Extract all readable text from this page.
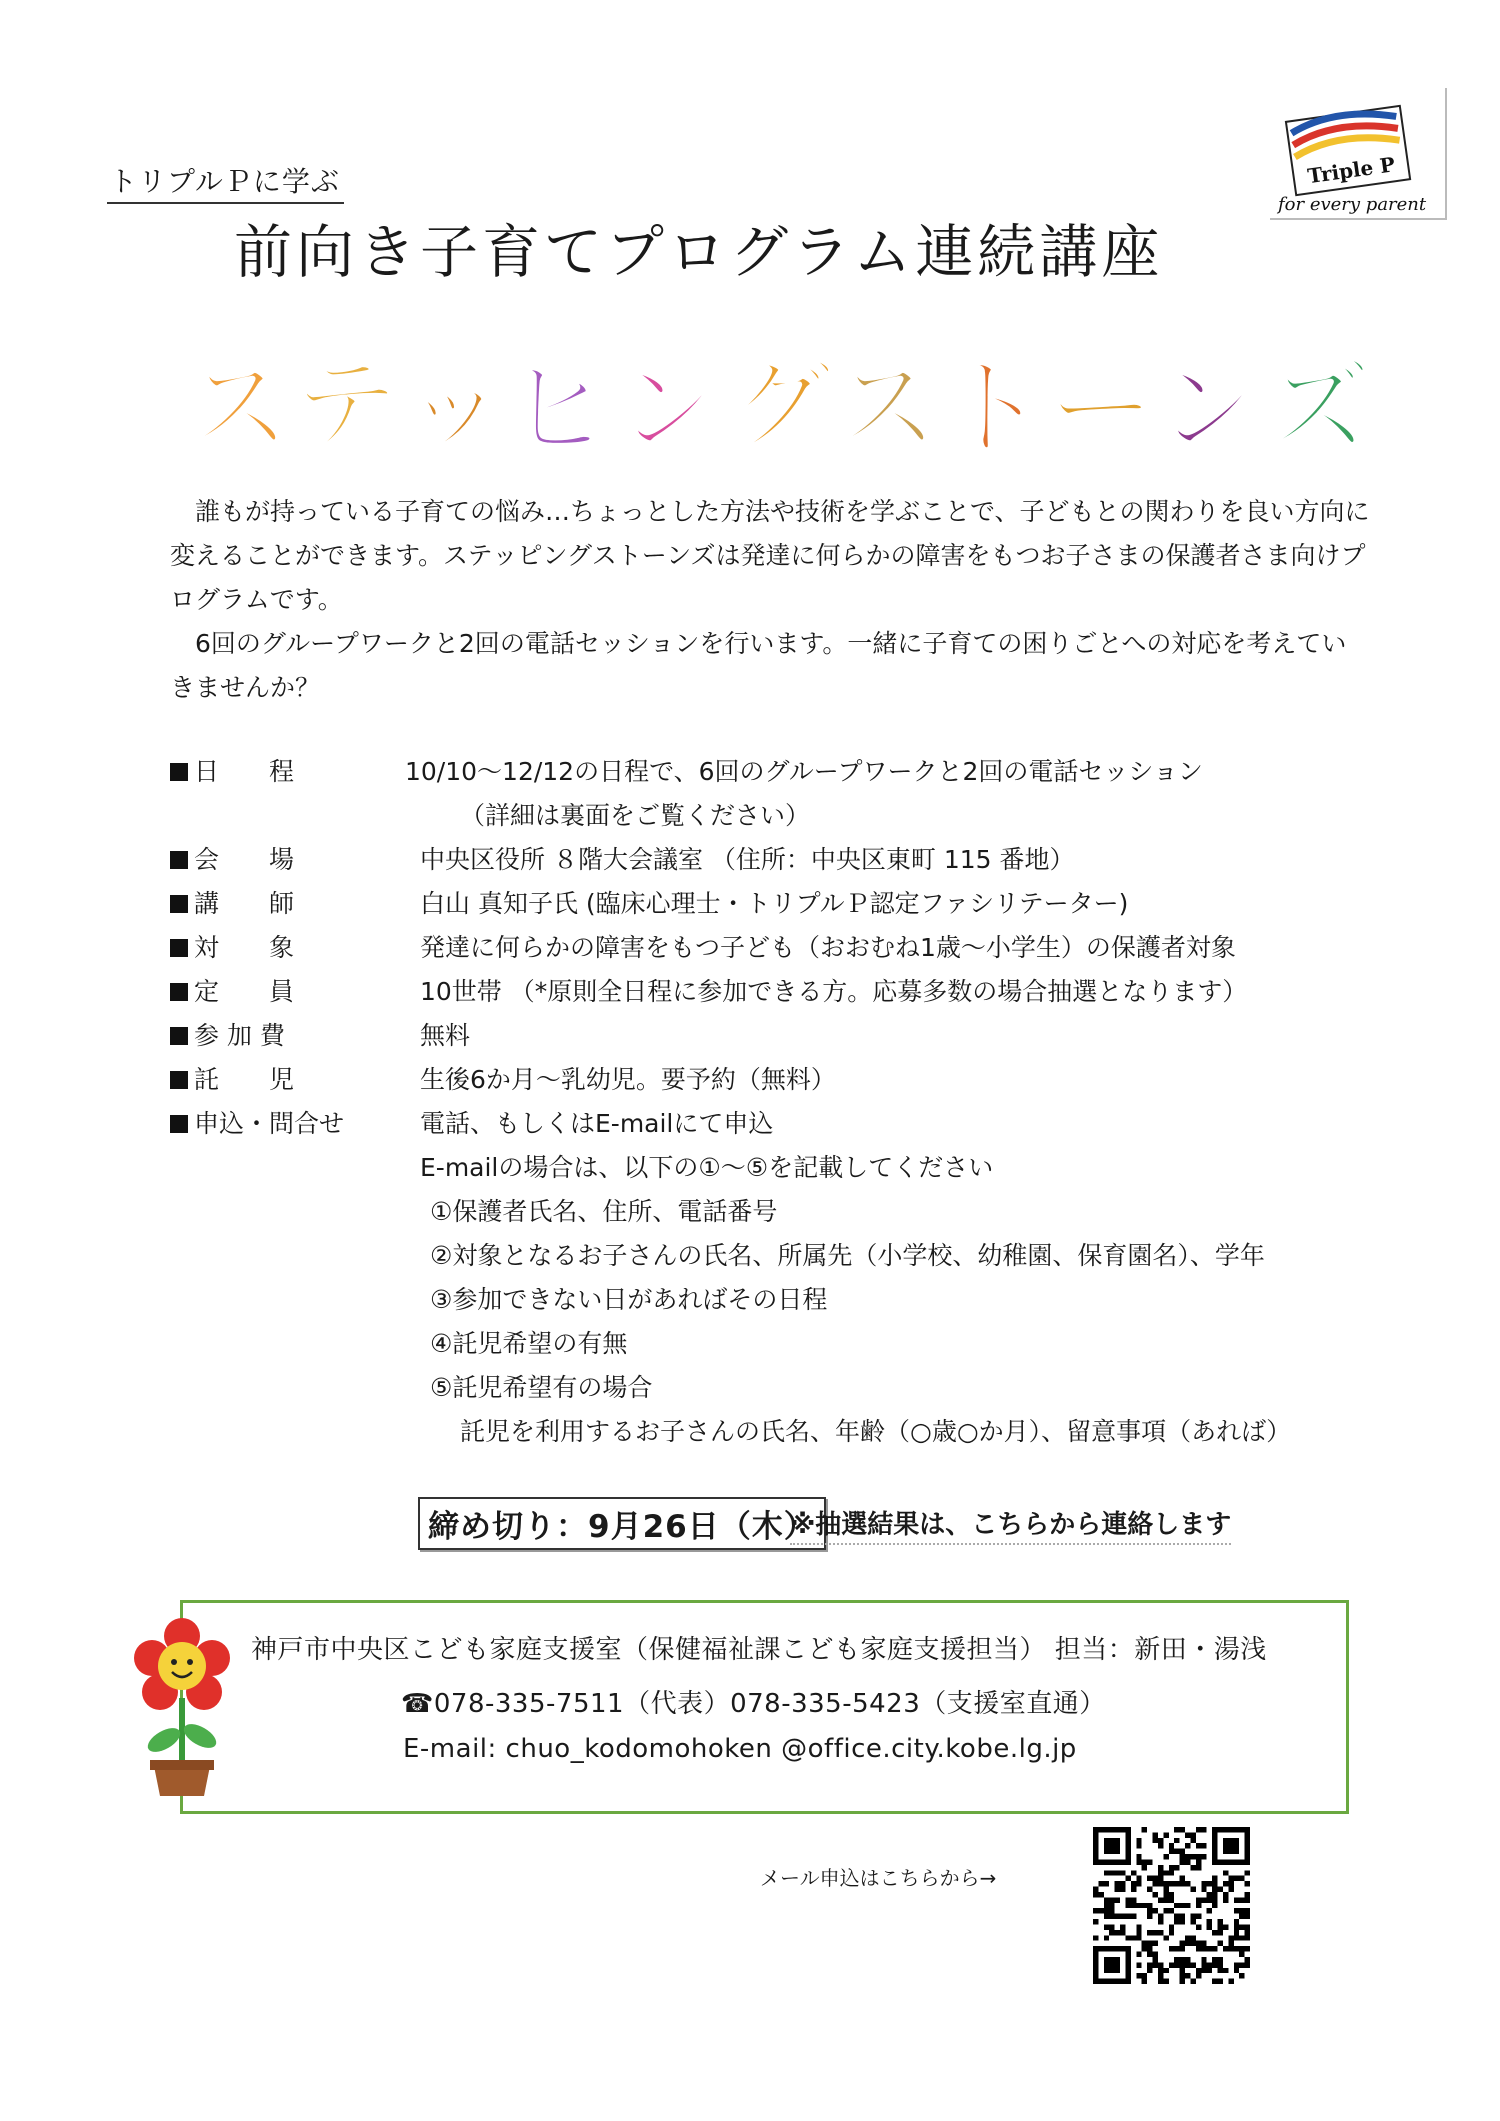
トリプルＰに学ぶ
前向き子育てプログラム連続講座
Triple P
for every parent
ス テ ッ ピ ン グ ス ト ー ン ズ

誰もが持っている子育ての悩み…ちょっとした方法や技術を学ぶことで、子どもとの関わりを良い方向に変えることができます。ステッピングストーンズは発達に何らかの障害をもつお子さまの保護者さま向けプログラムです。

6回のグループワークと2回の電話セッションを行います。一緒に子育ての困りごとへの対応を考えていきませんか？

日　　程	10/10～12/12の日程で、6回のグループワークと2回の電話セッション
（詳細は裏面をご覧ください）
会　　場	中央区役所 ８階大会議室 （住所：中央区東町 115 番地）
講　　師	白山 真知子氏 (臨床心理士・トリプルＰ認定ファシリテーター)
対　　象	発達に何らかの障害をもつ子ども（おおむね1歳～小学生）の保護者対象
定　　員	10世帯 （*原則全日程に参加できる方。応募多数の場合抽選となります）
参 加 費	無料
託　　児	生後6か月～乳幼児。要予約（無料）
申込・問合せ	電話、もしくはE-mailにて申込
E-mailの場合は、以下の①～⑤を記載してください
①保護者氏名、住所、電話番号
②対象となるお子さんの氏名、所属先（小学校、幼稚園、保育園名）、学年
③参加できない日があればその日程
④託児希望の有無
⑤託児希望有の場合
託児を利用するお子さんの氏名、年齢（○歳○か月）、留意事項（あれば）
締め切り：9月26日（木）
※抽選結果は、こちらから連絡します
神戸市中央区こども家庭支援室（保健福祉課こども家庭支援担当） 担当：新田・湯浅
☎078-335-7511（代表）078-335-5423（支援室直通）
E-mail: chuo_kodomohoken @office.city.kobe.lg.jp
メール申込はこちらから→
